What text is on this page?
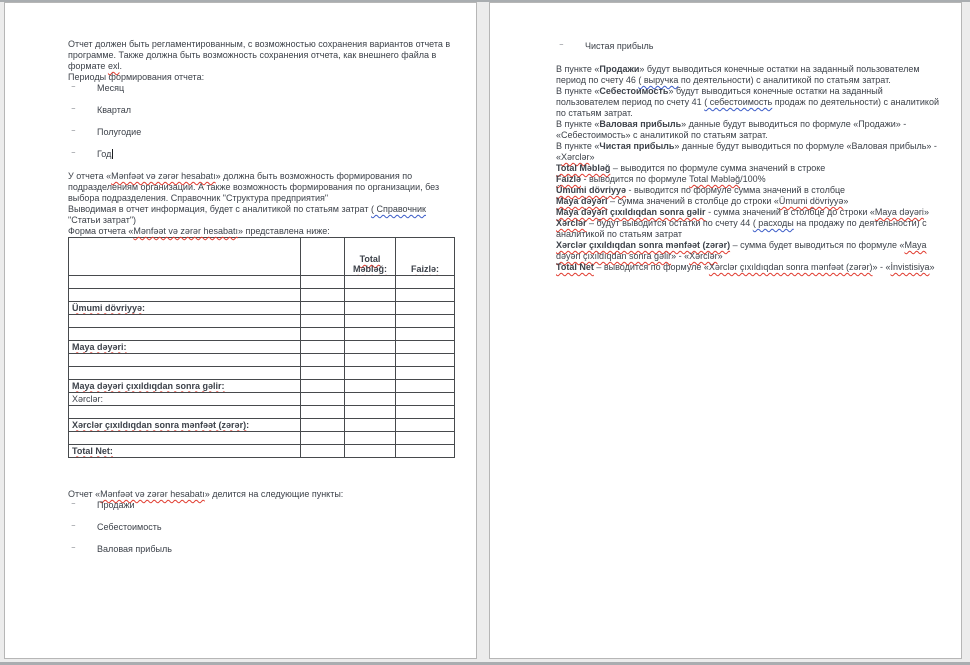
Отчет должен быть регламентированным, с возможностью сохранения вариантов отчета в программе. Также должна быть возможность сохранения отчета, как внешнего файла в формате exl.

Периоды формирования отчета:

⁻	Месяц
⁻	Квартал
⁻	Полугодие
⁻	Год

У отчета «Mənfəət və zərər hesabatı» должна быть возможность формирования по подразделениям организации. А также возможность формирования по организации, без выбора подразделения. Справочник "Структура предприятия"

Выводимая в отчет информация, будет с аналитикой по статьям затрат ( Справочник "Статьи затрат")

Форма отчета «Mənfəət və zərər hesabatı» представлена ниже:

		Total Məbləğ:	Faizlə:

Ümumi dövriyyə:			

Maya dəyəri:			

Maya dəyəri çıxıldıqdan sonra gəlir:			
Xərclər:			

Xərclər çıxıldıqdan sonra mənfəət (zərər):			

Total Net:			

Отчет «Mənfəət və zərər hesabatı» делится на следующие пункты:

⁻	Продажи
⁻	Себестоимость
⁻	Валовая прибыль
⁻	Чистая прибыль

В пункте «Продажи» будут выводиться конечные остатки на заданный пользователем период по счету 46 ( выручка по деятельности) с аналитикой по статьям затрат.

В пункте «Себестоимость» будут выводиться конечные остатки на заданный пользователем период по счету 41 ( себестоимость продаж по деятельности) с аналитикой по статьям затрат.

В пункте «Валовая прибыль» данные будут выводиться по формуле «Продажи» - «Себестоимость» с аналитикой по статьям затрат.

В пункте «Чистая прибыль» данные будут выводиться по формуле «Валовая прибыль» - «Xərclər»

Total Məbləğ – выводится по формуле сумма значений в строке

Faizlə - выводится по формуле Total Məbləğ/100%

Ümumi dövriyyə - выводится по формуле сумма значений в столбце

Maya dəyəri – сумма значений в столбце до строки «Ümumi dövriyyə»

Maya dəyəri çıxıldıqdan sonra gəlir - сумма значений в столбце до строки «Maya dəyəri»

Xərclər – будут выводится остатки по счету 44 ( расходы на продажу по деятельности) с аналитикой по статьям затрат

Xərclər çıxıldıqdan sonra mənfəət (zərər) – сумма будет выводиться по формуле «Maya dəyəri çıxıldıqdan sonra gəlir» - «Xərclər»

Total Net – выводится по формуле «Xərclər çıxıldıqdan sonra mənfəət (zərər)» - «İnvistisiya»
